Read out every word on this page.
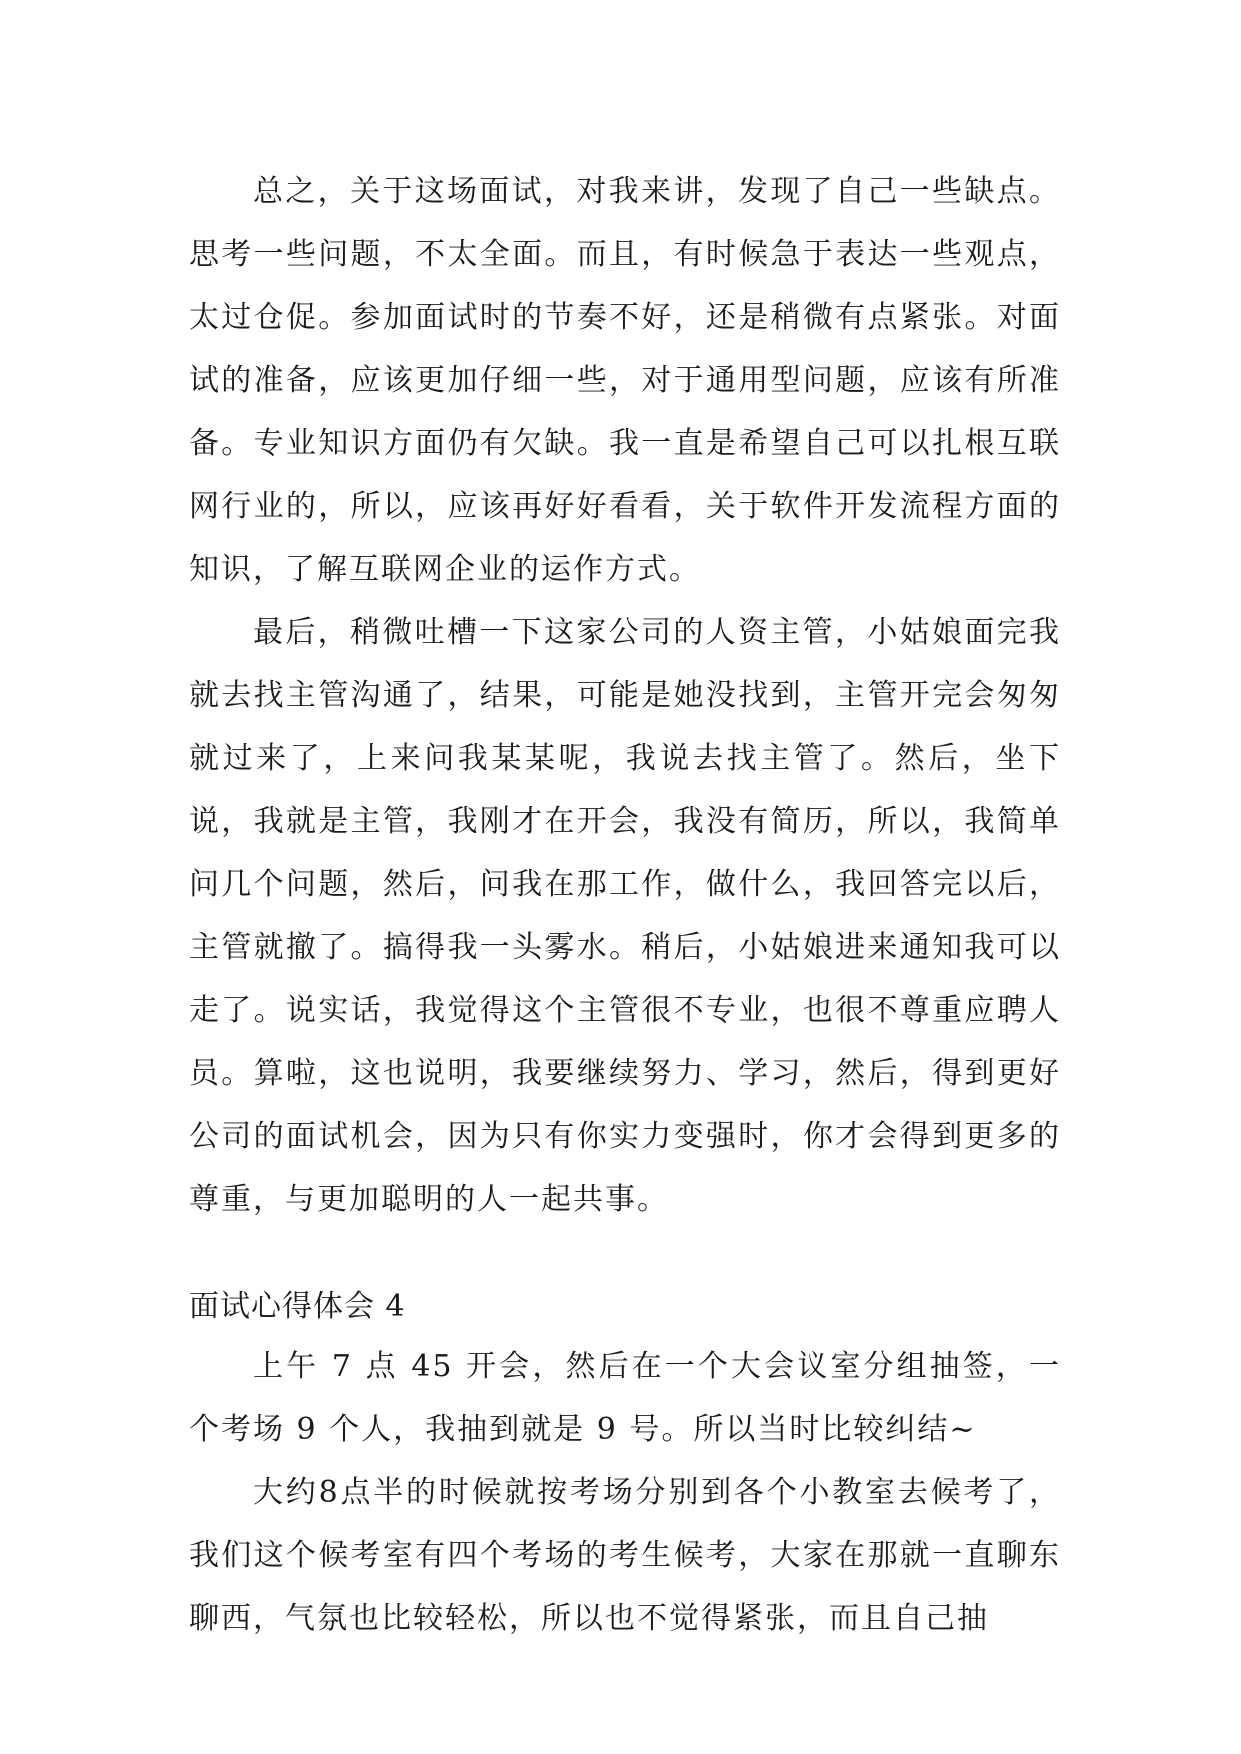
总之，关于这场面试，对我来讲，发现了自己一些缺点。思考一些问题，不太全面。而且，有时候急于表达一些观点，太过仓促。参加面试时的节奏不好，还是稍微有点紧张。对面试的准备，应该更加仔细一些，对于通用型问题，应该有所准备。专业知识方面仍有欠缺。我一直是希望自己可以扎根互联网行业的，所以，应该再好好看看，关于软件开发流程方面的知识，了解互联网企业的运作方式。

最后，稍微吐槽一下这家公司的人资主管，小姑娘面完我就去找主管沟通了，结果，可能是她没找到，主管开完会匆匆就过来了，上来问我某某呢，我说去找主管了。然后，坐下说，我就是主管，我刚才在开会，我没有简历，所以，我简单问几个问题，然后，问我在那工作，做什么，我回答完以后，主管就撤了。搞得我一头雾水。稍后，小姑娘进来通知我可以走了。说实话，我觉得这个主管很不专业，也很不尊重应聘人员。算啦，这也说明，我要继续努力、学习，然后，得到更好公司的面试机会，因为只有你实力变强时，你才会得到更多的尊重，与更加聪明的人一起共事。

面试心得体会 4

上午 7 点 45 开会，然后在一个大会议室分组抽签，一个考场 9 个人，我抽到就是 9 号。所以当时比较纠结~

大约8点半的时候就按考场分别到各个小教室去候考了，我们这个候考室有四个考场的考生候考，大家在那就一直聊东聊西，气氛也比较轻松，所以也不觉得紧张，而且自己抽
